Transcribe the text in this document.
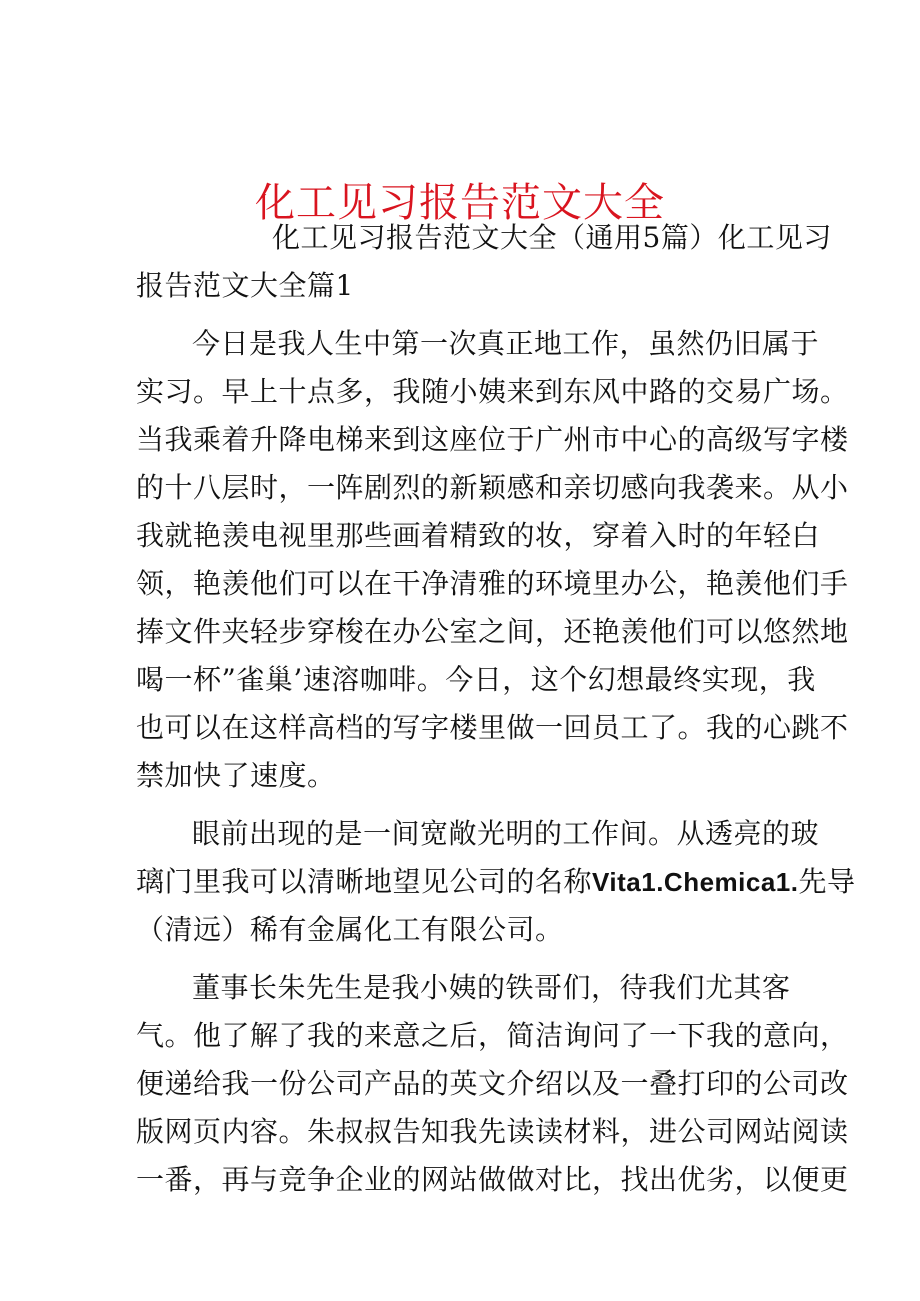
化工见习报告范文大全
化工见习报告范文大全（通用5篇）化工见习
报告范文大全篇1
今日是我人生中第一次真正地工作，虽然仍旧属于
实习。早上十点多，我随小姨来到东风中路的交易广场。
当我乘着升降电梯来到这座位于广州市中心的高级写字楼
的十八层时，一阵剧烈的新颖感和亲切感向我袭来。从小
我就艳羡电视里那些画着精致的妆，穿着入时的年轻白
领，艳羡他们可以在干净清雅的环境里办公，艳羡他们手
捧文件夹轻步穿梭在办公室之间，还艳羡他们可以悠然地
喝一杯”雀巢’速溶咖啡。今日，这个幻想最终实现，我
也可以在这样高档的写字楼里做一回员工了。我的心跳不
禁加快了速度。
眼前出现的是一间宽敞光明的工作间。从透亮的玻
璃门里我可以清晰地望见公司的名称Vita1.Chemica1.先导
（清远）稀有金属化工有限公司。
董事长朱先生是我小姨的铁哥们，待我们尤其客
气。他了解了我的来意之后，简洁询问了一下我的意向，
便递给我一份公司产品的英文介绍以及一叠打印的公司改
版网页内容。朱叔叔告知我先读读材料，进公司网站阅读
一番，再与竞争企业的网站做做对比，找出优劣，以便更
